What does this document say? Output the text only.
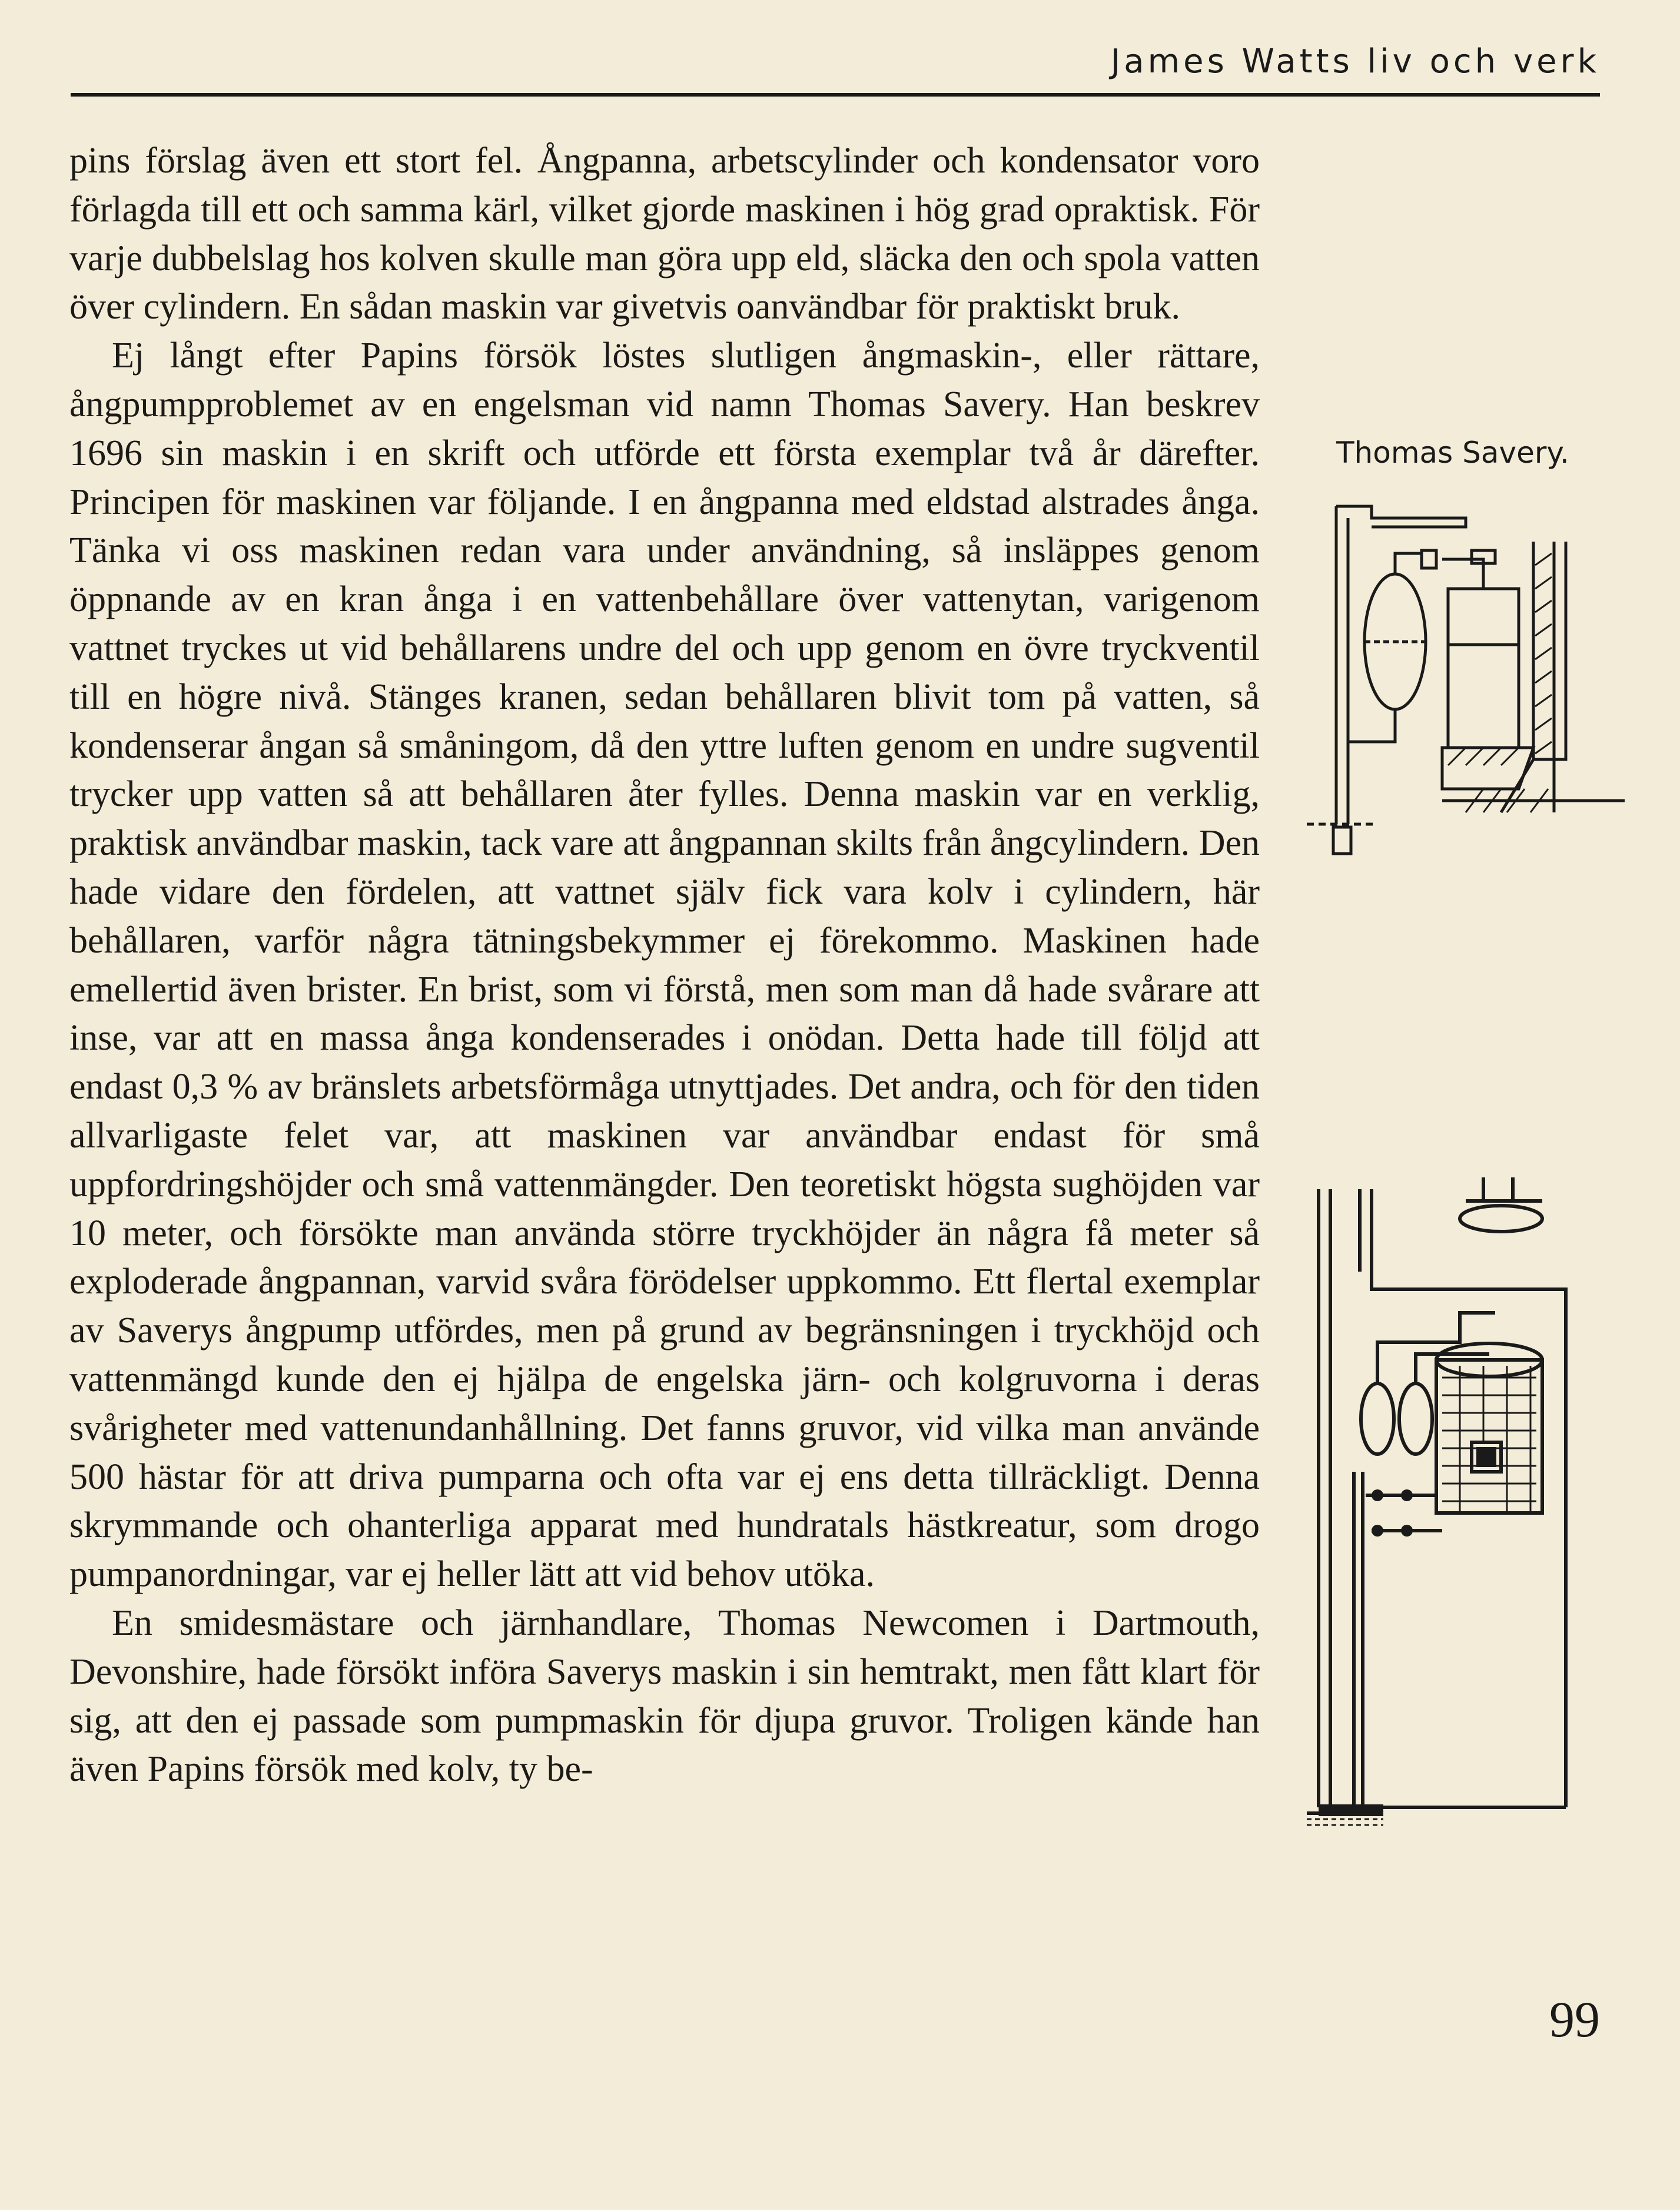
James Watts liv och verk

pins förslag även ett stort fel. Ångpanna, arbetscylinder och kondensator voro förlagda till ett och samma kärl, vilket gjorde maskinen i hög grad opraktisk. För varje dubbelslag hos kolven skulle man göra upp eld, släcka den och spola vatten över cylindern. En sådan maskin var givetvis oanvändbar för praktiskt bruk.

Ej långt efter Papins försök löstes slutligen ångmaskin-, eller rättare, ångpumpproblemet av en engelsman vid namn Thomas Savery. Han beskrev 1696 sin maskin i en skrift och utförde ett första exemplar två år därefter. Principen för maskinen var följande. I en ångpanna med eldstad alstrades ånga. Tänka vi oss maskinen redan vara under användning, så insläppes genom öppnande av en kran ånga i en vattenbehållare över vattenytan, varigenom vattnet tryckes ut vid behållarens undre del och upp genom en övre tryckventil till en högre nivå. Stänges kranen, sedan behållaren blivit tom på vatten, så kondenserar ångan så småningom, då den yttre luften genom en undre sugventil trycker upp vatten så att behållaren åter fylles. Denna maskin var en verklig, praktisk användbar maskin, tack vare att ångpannan skilts från ångcylindern. Den hade vidare den fördelen, att vattnet själv fick vara kolv i cylindern, här behållaren, varför några tätningsbekymmer ej förekommo. Maskinen hade emellertid även brister. En brist, som vi förstå, men som man då hade svårare att inse, var att en massa ånga kondenserades i onödan. Detta hade till följd att endast 0,3 % av bränslets arbetsförmåga utnyttjades. Det andra, och för den tiden allvarligaste felet var, att maskinen var användbar endast för små uppfordringshöjder och små vattenmängder. Den teoretiskt högsta sughöjden var 10 meter, och försökte man använda större tryckhöjder än några få meter så exploderade ångpannan, varvid svåra förödelser uppkommo. Ett flertal exemplar av Saverys ångpump utfördes, men på grund av begränsningen i tryckhöjd och vattenmängd kunde den ej hjälpa de engelska järn- och kolgruvorna i deras svårigheter med vattenundanhållning. Det fanns gruvor, vid vilka man använde 500 hästar för att driva pumparna och ofta var ej ens detta tillräckligt. Denna skrymmande och ohanterliga apparat med hundratals hästkreatur, som drogo pumpanordningar, var ej heller lätt att vid behov utöka.

En smidesmästare och järnhandlare, Thomas Newcomen i Dartmouth, Devonshire, hade försökt införa Saverys maskin i sin hemtrakt, men fått klart för sig, att den ej passade som pumpmaskin för djupa gruvor. Troligen kände han även Papins försök med kolv, ty be-

Thomas Savery.
99
